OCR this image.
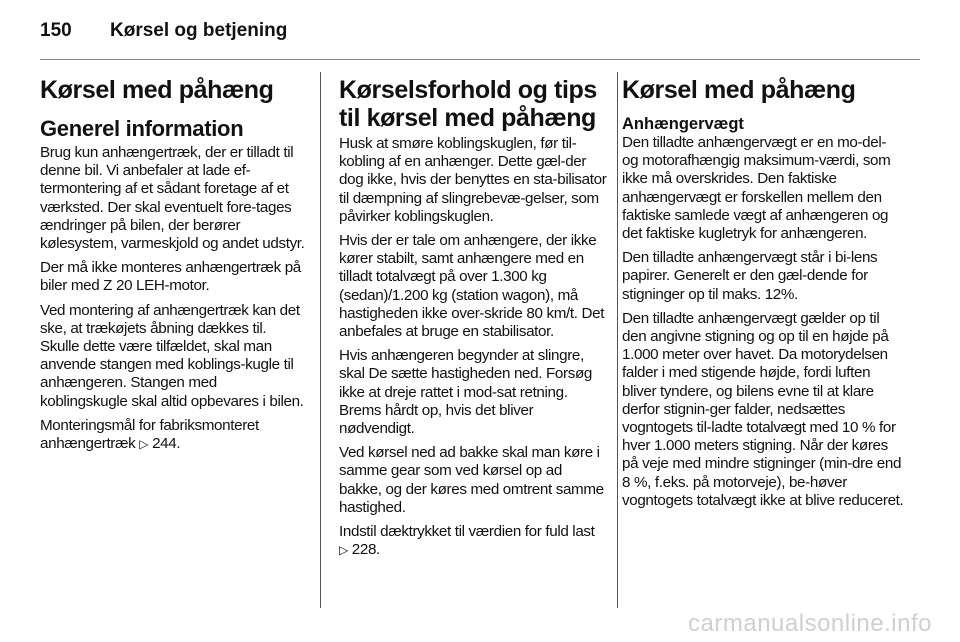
150	Kørsel og betjening
Kørsel med påhæng
Generel information

Brug kun anhængertræk, der er tilladt til denne bil. Vi anbefaler at lade ef-termontering af et sådant foretage af et værksted. Der skal eventuelt fore-tages ændringer på bilen, der berører kølesystem, varmeskjold og andet udstyr.

Der må ikke monteres anhængertræk på biler med Z 20 LEH-motor.

Ved montering af anhængertræk kan det ske, at trækøjets åbning dækkes til. Skulle dette være tilfældet, skal man anvende stangen med koblings-kugle til anhængeren. Stangen med koblingskugle skal altid opbevares i bilen.

Monteringsmål for fabriksmonteret anhængertræk ▷ 244.

Kørselsforhold og tips til kørsel med påhæng

Husk at smøre koblingskuglen, før til-kobling af en anhænger. Dette gæl-der dog ikke, hvis der benyttes en sta-bilisator til dæmpning af slingrebevæ-gelser, som påvirker koblingskuglen.

Hvis der er tale om anhængere, der ikke kører stabilt, samt anhængere med en tilladt totalvægt på over 1.300 kg (sedan)/1.200 kg (station wagon), må hastigheden ikke over-skride 80 km/t. Det anbefales at bruge en stabilisator.

Hvis anhængeren begynder at slingre, skal De sætte hastigheden ned. Forsøg ikke at dreje rattet i mod-sat retning. Brems hårdt op, hvis det bliver nødvendigt.

Ved kørsel ned ad bakke skal man køre i samme gear som ved kørsel op ad bakke, og der køres med omtrent samme hastighed.

Indstil dæktrykket til værdien for fuld last ▷ 228.

Kørsel med påhæng
Anhængervægt

Den tilladte anhængervægt er en mo-del- og motorafhængig maksimum-værdi, som ikke må overskrides. Den faktiske anhængervægt er forskellen mellem den faktiske samlede vægt af anhængeren og det faktiske kugletryk for anhængeren.

Den tilladte anhængervægt står i bi-lens papirer. Generelt er den gæl-dende for stigninger op til maks. 12%.

Den tilladte anhængervægt gælder op til den angivne stigning og op til en højde på 1.000 meter over havet. Da motorydelsen falder i med stigende højde, fordi luften bliver tyndere, og bilens evne til at klare derfor stignin-ger falder, nedsættes vogntogets til-ladte totalvægt med 10 % for hver 1.000 meters stigning. Når der køres på veje med mindre stigninger (min-dre end 8 %, f.eks. på motorveje), be-høver vogntogets totalvægt ikke at blive reduceret.

carmanualsonline.info
